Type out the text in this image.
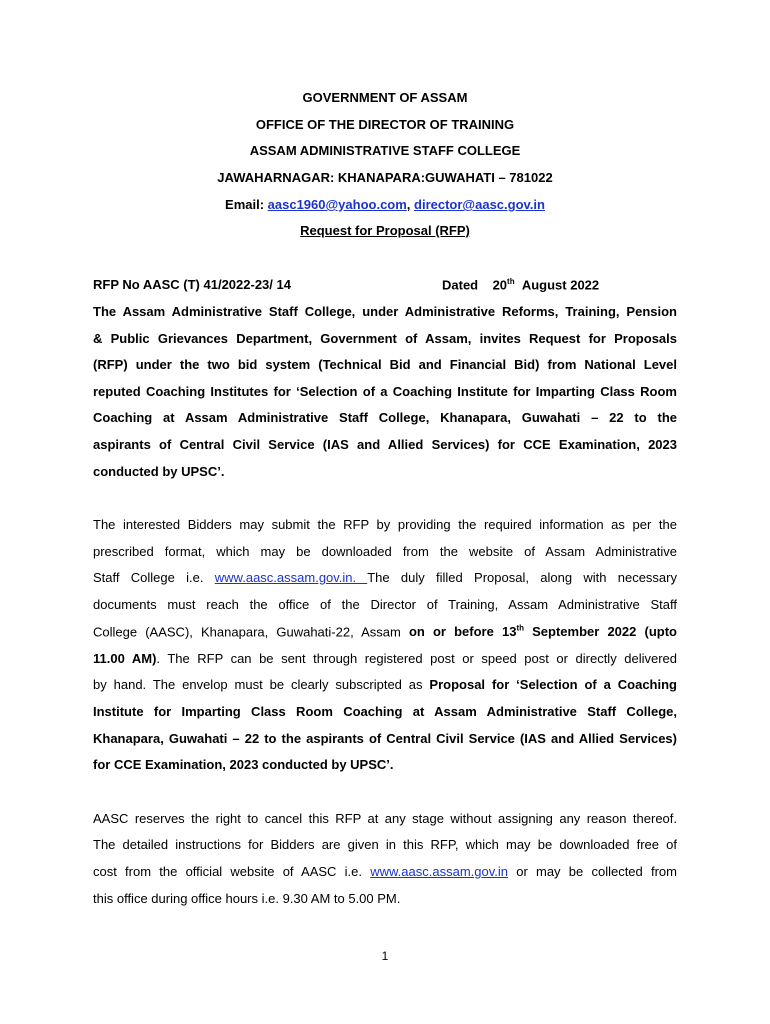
GOVERNMENT OF ASSAM
OFFICE OF THE DIRECTOR OF TRAINING
ASSAM ADMINISTRATIVE STAFF COLLEGE
JAWAHARNAGAR: KHANAPARA:GUWAHATI – 781022
Email: aasc1960@yahoo.com, director@aasc.gov.in
Request for Proposal (RFP)
RFP No AASC (T) 41/2022-23/ 14	Dated 20th August 2022
The Assam Administrative Staff College, under Administrative Reforms, Training, Pension
& Public Grievances Department, Government of Assam, invites Request for Proposals
(RFP) under the two bid system (Technical Bid and Financial Bid) from National Level
reputed Coaching Institutes for ‘Selection of a Coaching Institute for Imparting Class Room
Coaching at Assam Administrative Staff College, Khanapara, Guwahati – 22 to the
aspirants of Central Civil Service (IAS and Allied Services) for CCE Examination, 2023
conducted by UPSC’.
The interested Bidders may submit the RFP by providing the required information as per the
prescribed format, which may be downloaded from the website of Assam Administrative
Staff College i.e. www.aasc.assam.gov.in. The duly filled Proposal, along with necessary
documents must reach the office of the Director of Training, Assam Administrative Staff
College (AASC), Khanapara, Guwahati-22, Assam on or before 13th September 2022 (upto
11.00 AM). The RFP can be sent through registered post or speed post or directly delivered
by hand. The envelop must be clearly subscripted as Proposal for ‘Selection of a Coaching
Institute for Imparting Class Room Coaching at Assam Administrative Staff College,
Khanapara, Guwahati – 22 to the aspirants of Central Civil Service (IAS and Allied Services)
for CCE Examination, 2023 conducted by UPSC’.
AASC reserves the right to cancel this RFP at any stage without assigning any reason thereof.
The detailed instructions for Bidders are given in this RFP, which may be downloaded free of
cost from the official website of AASC i.e. www.aasc.assam.gov.in or may be collected from
this office during office hours i.e. 9.30 AM to 5.00 PM.
1
